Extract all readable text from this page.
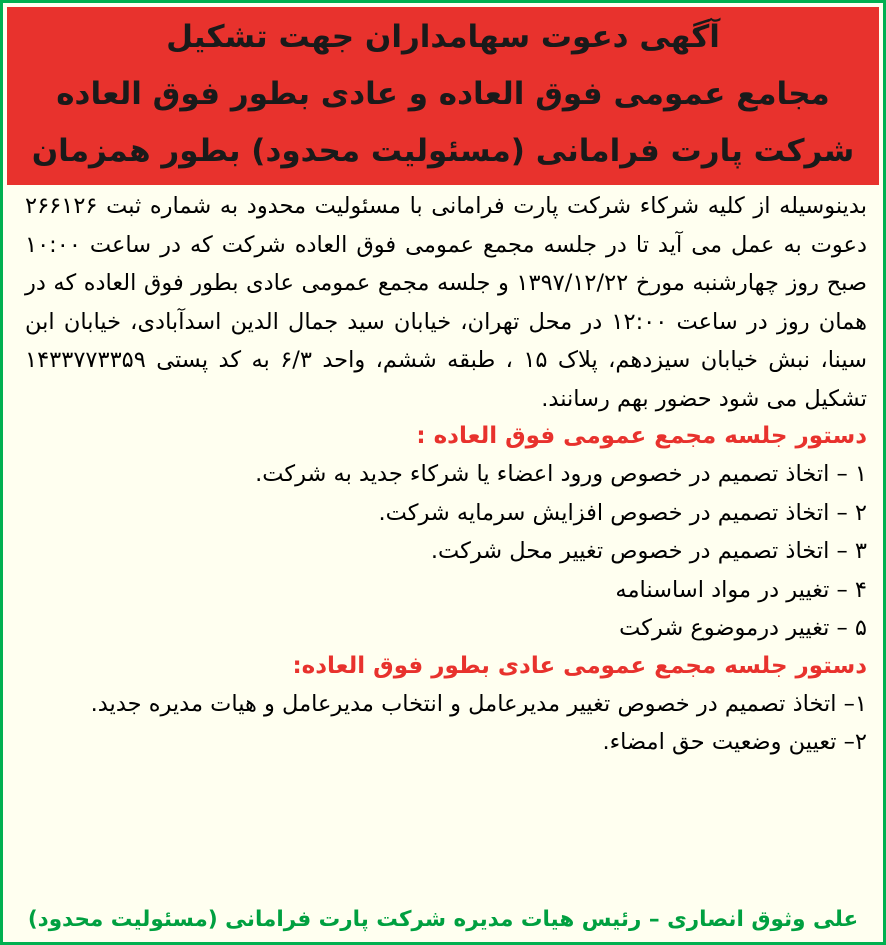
آگهی دعوت سهامداران جهت تشکیل
مجامع عمومی فوق العاده و عادی بطور فوق العاده
شرکت پارت فرامانی (مسئولیت محدود) بطور همزمان

بدینوسیله از کلیه شرکاء شرکت پارت فرامانی با مسئولیت محدود به شماره ثبت ۲۶۶۱۲۶ دعوت به عمل می آید تا در جلسه مجمع عمومی فوق العاده شرکت که در ساعت ۱۰:۰۰ صبح روز چهارشنبه مورخ ۱۳۹۷/۱۲/۲۲ و جلسه مجمع عمومی عادی بطور فوق العاده که در همان روز در ساعت ۱۲:۰۰ در محل تهران، خیابان سید جمال الدین اسدآبادی، خیابان ابن سینا، نبش خیابان سیزدهم، پلاک ۱۵ ، طبقه ششم، واحد ۶/۳ به کد پستی ۱۴۳۳۷۷۳۳۵۹ تشکیل می شود حضور بهم رسانند.

دستور جلسه مجمع عمومی فوق العاده :

۱ – اتخاذ تصمیم در خصوص ورود اعضاء یا شرکاء جدید به شرکت.

۲ – اتخاذ تصمیم در خصوص افزایش سرمایه شرکت.

۳ – اتخاذ تصمیم در خصوص تغییر محل شرکت.

۴ – تغییر در مواد اساسنامه

۵ – تغییر درموضوع شرکت

دستور جلسه مجمع عمومی عادی بطور فوق العاده:

۱– اتخاذ تصمیم در خصوص تغییر مدیرعامل و انتخاب مدیرعامل و هیات مدیره جدید.

۲– تعیین وضعیت حق امضاء.

علی وثوق انصاری – رئیس هیات مدیره شرکت پارت فرامانی (مسئولیت محدود)
